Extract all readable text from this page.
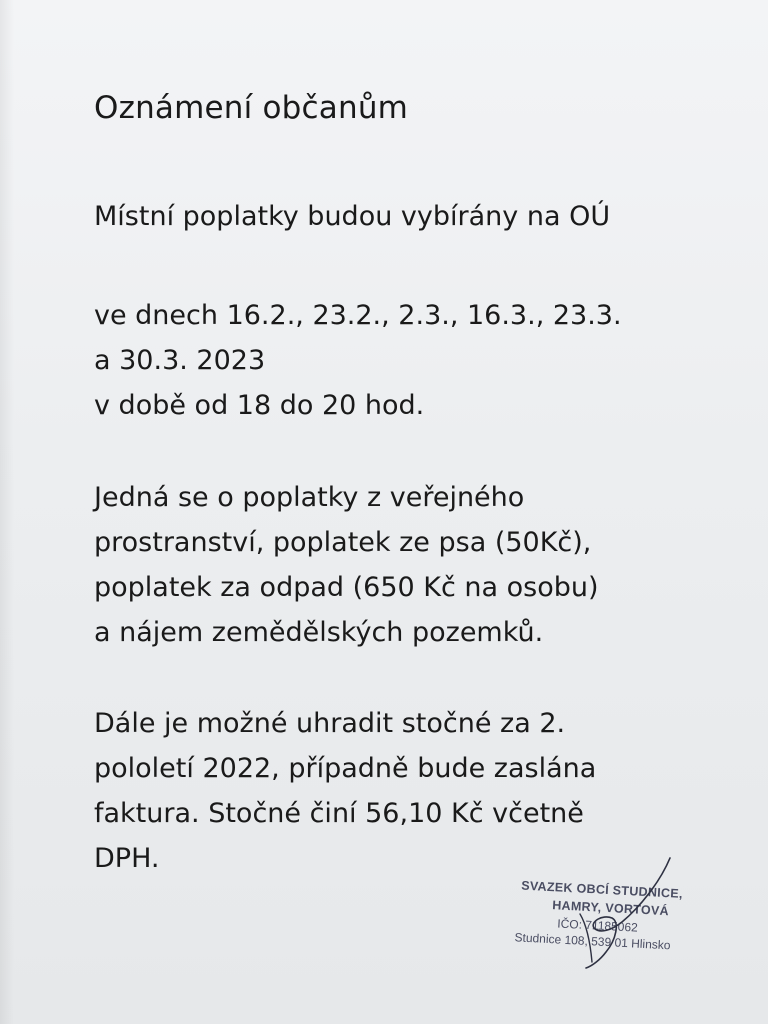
Oznámení občanům
Místní poplatky budou vybírány na OÚ
ve dnech 16.2., 23.2., 2.3., 16.3., 23.3.
a 30.3. 2023
v době od 18 do 20 hod.
Jedná se o poplatky z veřejného
prostranství, poplatek ze psa (50Kč),
poplatek za odpad (650 Kč na osobu)
a nájem zemědělských pozemků.
Dále je možné uhradit stočné za 2.
pololetí 2022, případně bude zaslána
faktura. Stočné činí 56,10 Kč včetně
DPH.
SVAZEK OBCÍ STUDNICE,
HAMRY, VORTOVÁ
IČO: 71185062
Studnice 108, 539 01 Hlinsko
